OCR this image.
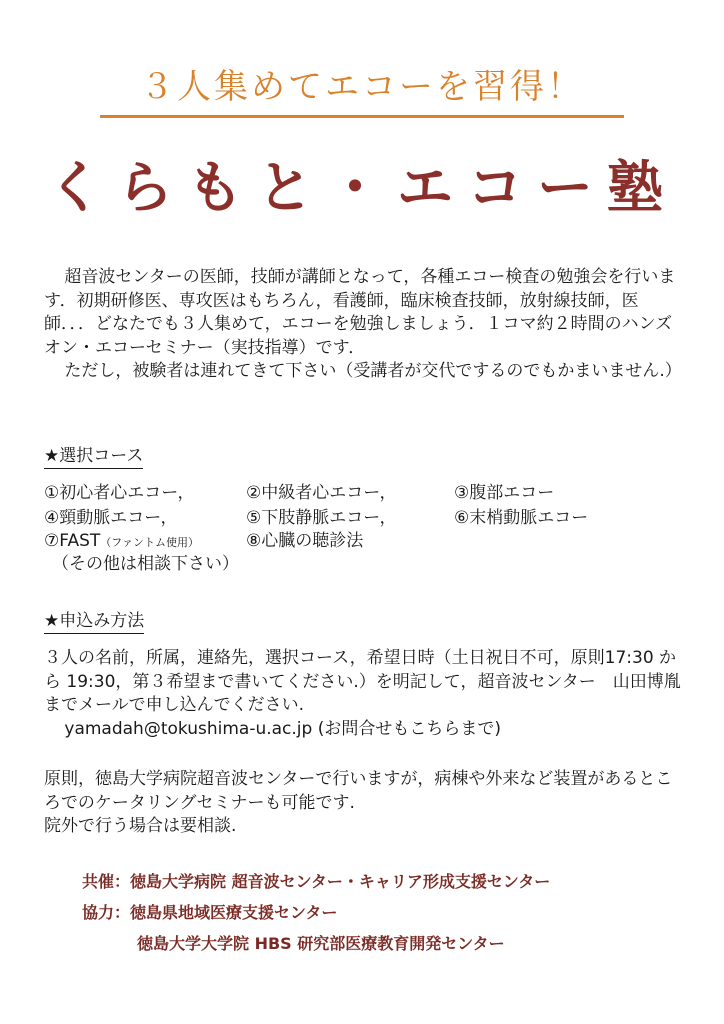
３人集めてエコーを習得！
くらもと・エコー塾

超音波センターの医師，技師が講師となって，各種エコー検査の勉強会を行います．初期研修医、専攻医はもちろん，看護師，臨床検査技師，放射線技師，医師．．．どなたでも３人集めて，エコーを勉強しましょう．１コマ約２時間のハンズオン・エコーセミナー（実技指導）です．

ただし，被験者は連れてきて下さい（受講者が交代でするのでもかまいません.）

★選択コース
①初心者心エコー，	②中級者心エコー，	③腹部エコー
④頸動脈エコー，	⑤下肢静脈エコー，	⑥末梢動脈エコー
⑦FAST（ファントム使用）	⑧心臓の聴診法
（その他は相談下さい）
★申込み方法

３人の名前，所属，連絡先，選択コース，希望日時（土日祝日不可，原則17:30 から 19:30，第３希望まで書いてください.）を明記して，超音波センター　山田博胤までメールで申し込んでください.

yamadah@tokushima-u.ac.jp (お問合せもこちらまで)

原則，徳島大学病院超音波センターで行いますが，病棟や外来など装置があるところでのケータリングセミナーも可能です.

院外で行う場合は要相談.

共催：徳島大学病院 超音波センター・キャリア形成支援センター
協力：徳島県地域医療支援センター
徳島大学大学院 HBS 研究部医療教育開発センター
